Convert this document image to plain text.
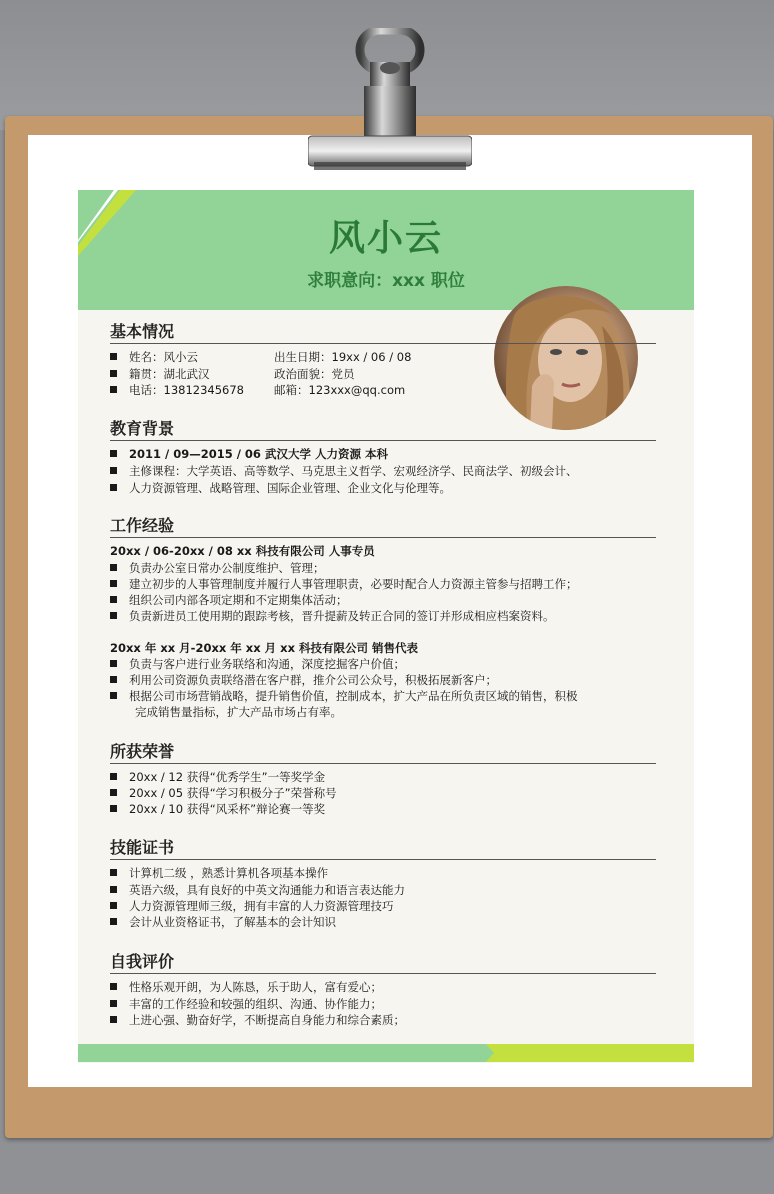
风小云
求职意向：xxx 职位
基本情况
姓名：风小云	出生日期：19xx / 06 / 08
籍贯：湖北武汉	政治面貌：党员
电话：13812345678	邮箱：123xxx@qq.com
教育背景
2011 / 09—2015 / 06 武汉大学 人力资源 本科
主修课程：大学英语、高等数学、马克思主义哲学、宏观经济学、民商法学、初级会计、
人力资源管理、战略管理、国际企业管理、企业文化与伦理等。
工作经验
20xx / 06-20xx / 08 xx 科技有限公司 人事专员
负责办公室日常办公制度维护、管理；
建立初步的人事管理制度并履行人事管理职责，必要时配合人力资源主管参与招聘工作；
组织公司内部各项定期和不定期集体活动；
负责新进员工使用期的跟踪考核，晋升提薪及转正合同的签订并形成相应档案资料。
20xx 年 xx 月-20xx 年 xx 月 xx 科技有限公司 销售代表
负责与客户进行业务联络和沟通，深度挖掘客户价值；
利用公司资源负责联络潜在客户群，推介公司公众号，积极拓展新客户；
根据公司市场营销战略，提升销售价值，控制成本，扩大产品在所负责区域的销售，积极
完成销售量指标，扩大产品市场占有率。
所获荣誉
20xx / 12 获得“优秀学生”一等奖学金
20xx / 05 获得“学习积极分子”荣誉称号
20xx / 10 获得“风采杯”辩论赛一等奖
技能证书
计算机二级 ，熟悉计算机各项基本操作
英语六级，具有良好的中英文沟通能力和语言表达能力
人力资源管理师三级，拥有丰富的人力资源管理技巧
会计从业资格证书，了解基本的会计知识
自我评价
性格乐观开朗，为人陈恳，乐于助人，富有爱心；
丰富的工作经验和较强的组织、沟通、协作能力；
上进心强、勤奋好学，不断提高自身能力和综合素质；
